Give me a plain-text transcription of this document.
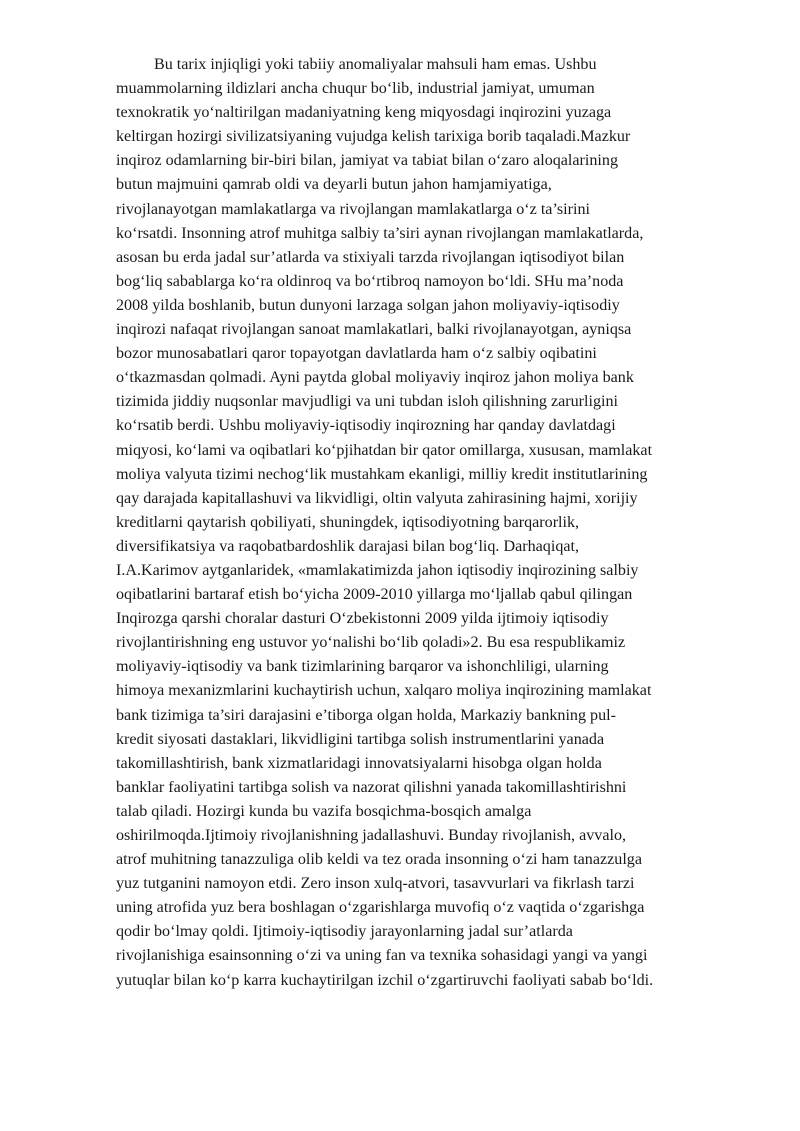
Bu tarix injiqligi yoki tabiiy anomaliyalar mahsuli ham emas. Ushbu
muammolarning ildizlari ancha chuqur bo‘lib, industrial jamiyat, umuman
texnokratik yo‘naltirilgan madaniyatning keng miqyosdagi inqirozini yuzaga
keltirgan hozirgi sivilizatsiyaning vujudga kelish tarixiga borib taqaladi.Mazkur
inqiroz odamlarning bir-biri bilan, jamiyat va tabiat bilan o‘zaro aloqalarining
butun majmuini qamrab oldi va deyarli butun jahon hamjamiyatiga,
rivojlanayotgan mamlakatlarga va rivojlangan mamlakatlarga o‘z ta’sirini
ko‘rsatdi. Insonning atrof muhitga salbiy ta’siri aynan rivojlangan mamlakatlarda,
asosan bu erda jadal sur’atlarda va stixiyali tarzda rivojlangan iqtisodiyot bilan
bog‘liq sabablarga ko‘ra oldinroq va bo‘rtibroq namoyon bo‘ldi. SHu ma’noda
2008 yilda boshlanib, butun dunyoni larzaga solgan jahon moliyaviy-iqtisodiy
inqirozi nafaqat rivojlangan sanoat mamlakatlari, balki rivojlanayotgan, ayniqsa
bozor munosabatlari qaror topayotgan davlatlarda ham o‘z salbiy oqibatini
o‘tkazmasdan qolmadi. Ayni paytda global moliyaviy inqiroz jahon moliya bank
tizimida jiddiy nuqsonlar mavjudligi va uni tubdan isloh qilishning zarurligini
ko‘rsatib berdi. Ushbu moliyaviy-iqtisodiy inqirozning har qanday davlatdagi
miqyosi, ko‘lami va oqibatlari ko‘pjihatdan bir qator omillarga, xususan, mamlakat
moliya valyuta tizimi nechog‘lik mustahkam ekanligi, milliy kredit institutlarining
qay darajada kapitallashuvi va likvidligi, oltin valyuta zahirasining hajmi, xorijiy
kreditlarni qaytarish qobiliyati, shuningdek, iqtisodiyotning barqarorlik,
diversifikatsiya va raqobatbardoshlik darajasi bilan bog‘liq. Darhaqiqat,
I.A.Karimov aytganlaridek, «mamlakatimizda jahon iqtisodiy inqirozining salbiy
oqibatlarini bartaraf etish bo‘yicha 2009-2010 yillarga mo‘ljallab qabul qilingan
Inqirozga qarshi choralar dasturi O‘zbekistonni 2009 yilda ijtimoiy iqtisodiy
rivojlantirishning eng ustuvor yo‘nalishi bo‘lib qoladi»2. Bu esa respublikamiz
moliyaviy-iqtisodiy va bank tizimlarining barqaror va ishonchliligi, ularning
himoya mexanizmlarini kuchaytirish uchun, xalqaro moliya inqirozining mamlakat
bank tizimiga ta’siri darajasini e’tiborga olgan holda, Markaziy bankning pul-
kredit siyosati dastaklari, likvidligini tartibga solish instrumentlarini yanada
takomillashtirish, bank xizmatlaridagi innovatsiyalarni hisobga olgan holda
banklar faoliyatini tartibga solish va nazorat qilishni yanada takomillashtirishni
talab qiladi. Hozirgi kunda bu vazifa bosqichma-bosqich amalga
oshirilmoqda.Ijtimoiy rivojlanishning jadallashuvi. Bunday rivojlanish, avvalo,
atrof muhitning tanazzuliga olib keldi va tez orada insonning o‘zi ham tanazzulga
yuz tutganini namoyon etdi. Zero inson xulq-atvori, tasavvurlari va fikrlash tarzi
uning atrofida yuz bera boshlagan o‘zgarishlarga muvofiq o‘z vaqtida o‘zgarishga
qodir bo‘lmay qoldi. Ijtimoiy-iqtisodiy jarayonlarning jadal sur’atlarda
rivojlanishiga esainsonning o‘zi va uning fan va texnika sohasidagi yangi va yangi
yutuqlar bilan ko‘p karra kuchaytirilgan izchil o‘zgartiruvchi faoliyati sabab bo‘ldi.
